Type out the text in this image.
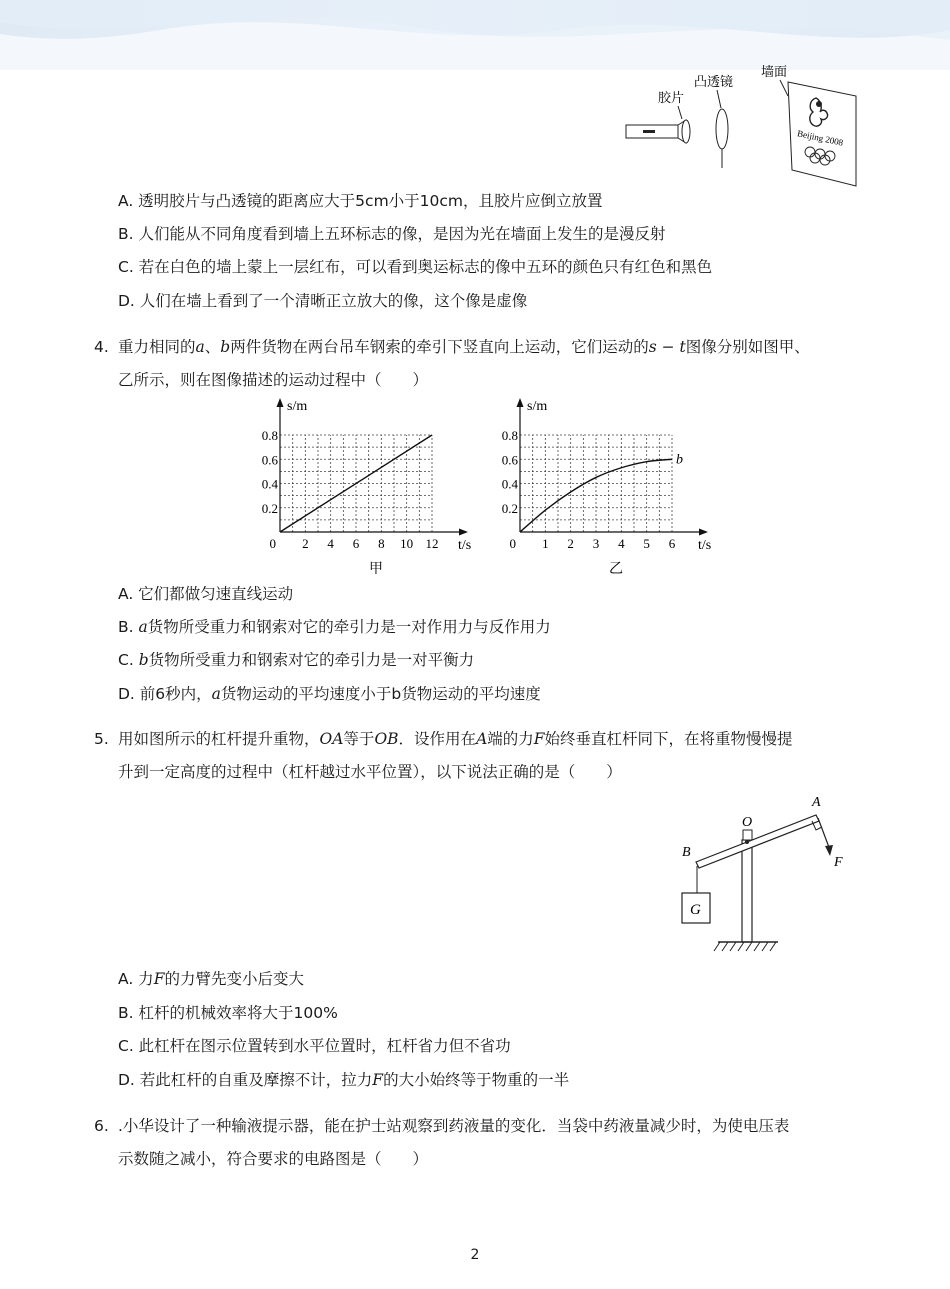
胶片
凸透镜
墙面
Beijing 2008
A. 透明胶片与凸透镜的距离应大于5cm小于10cm，且胶片应倒立放置
B. 人们能从不同角度看到墙上五环标志的像，是因为光在墙面上发生的是漫反射
C. 若在白色的墙上蒙上一层红布，可以看到奥运标志的像中五环的颜色只有红色和黑色
D. 人们在墙上看到了一个清晰正立放大的像，这个像是虚像
4. 重力相同的a、b两件货物在两台吊车钢索的牵引下竖直向上运动，它们运动的s − t图像分别如图甲、
乙所示，则在图像描述的运动过程中（　　）
s/m
t/s
0 2 4 6 8 10 12
0.2
0.4
0.6
0.8
甲
s/m
t/s
0 1 2 3 4 5 6
0.2
0.4
0.6
0.8
b
乙
A. 它们都做匀速直线运动
B. a货物所受重力和钢索对它的牵引力是一对作用力与反作用力
C. b货物所受重力和钢索对它的牵引力是一对平衡力
D. 前6秒内，a货物运动的平均速度小于b货物运动的平均速度
5. 用如图所示的杠杆提升重物，OA等于OB．设作用在A端的力F始终垂直杠杆同下，在将重物慢慢提
升到一定高度的过程中（杠杆越过水平位置），以下说法正确的是（　　）
G
A
O
B
F
A. 力F的力臂先变小后变大
B. 杠杆的机械效率将大于100%
C. 此杠杆在图示位置转到水平位置时，杠杆省力但不省功
D. 若此杠杆的自重及摩擦不计，拉力F的大小始终等于物重的一半
6. .小华设计了一种输液提示器，能在护士站观察到药液量的变化．当袋中药液量减少时，为使电压表
示数随之减小，符合要求的电路图是（　　）
2
